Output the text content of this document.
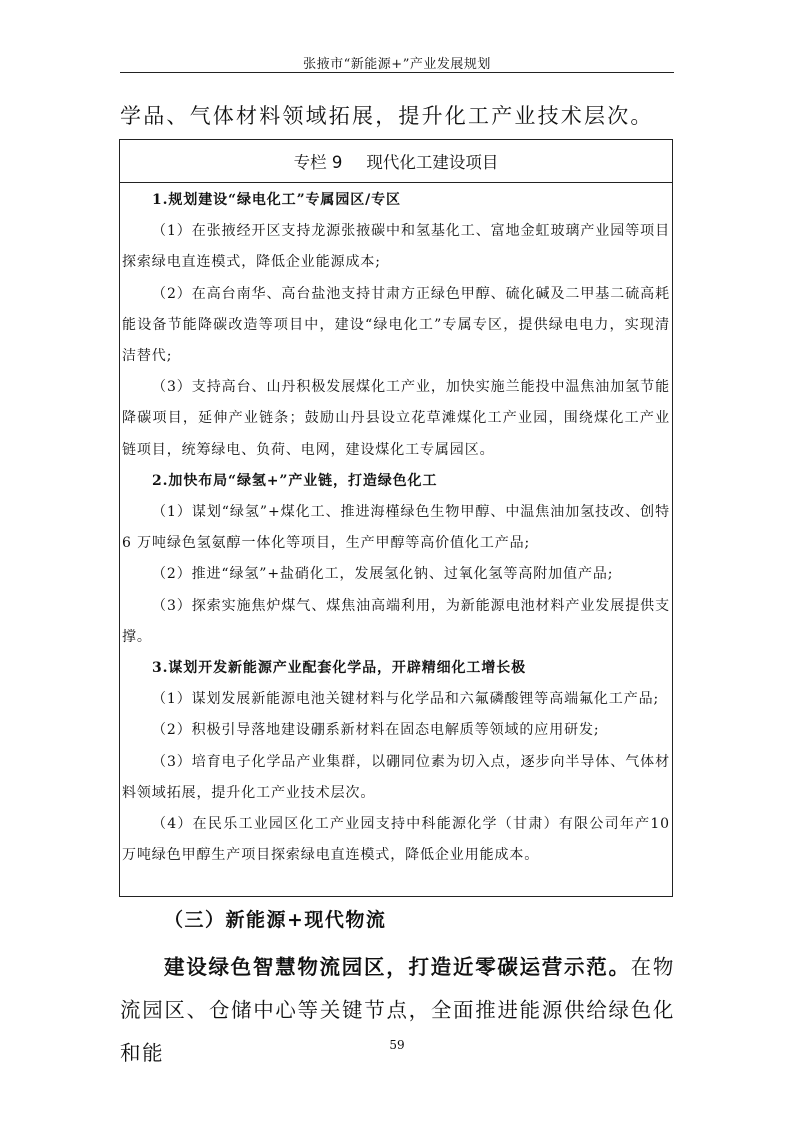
张掖市“新能源+”产业发展规划
学品、气体材料领域拓展，提升化工产业技术层次。
专栏 9 现代化工建设项目

1.规划建设“绿电化工”专属园区/专区

（1）在张掖经开区支持龙源张掖碳中和氢基化工、富地金虹玻璃产业园等项目探索绿电直连模式，降低企业能源成本;

（2）在高台南华、高台盐池支持甘肃方正绿色甲醇、硫化碱及二甲基二硫高耗能设备节能降碳改造等项目中，建设“绿电化工”专属专区，提供绿电电力，实现清洁替代;

（3）支持高台、山丹积极发展煤化工产业，加快实施兰能投中温焦油加氢节能降碳项目，延伸产业链条；鼓励山丹县设立花草滩煤化工产业园，围绕煤化工产业链项目，统筹绿电、负荷、电网，建设煤化工专属园区。

2.加快布局“绿氢+”产业链，打造绿色化工

（1）谋划“绿氢”+煤化工、推进海槿绿色生物甲醇、中温焦油加氢技改、创特 6 万吨绿色氢氨醇一体化等项目，生产甲醇等高价值化工产品;

（2）推进“绿氢”+盐硝化工，发展氢化钠、过氧化氢等高附加值产品;

（3）探索实施焦炉煤气、煤焦油高端利用，为新能源电池材料产业发展提供支撑。

3.谋划开发新能源产业配套化学品，开辟精细化工增长极

（1）谋划发展新能源电池关键材料与化学品和六氟磷酸锂等高端氟化工产品;

（2）积极引导落地建设硼系新材料在固态电解质等领域的应用研发;

（3）培育电子化学品产业集群，以硼同位素为切入点，逐步向半导体、气体材料领域拓展，提升化工产业技术层次。

（4）在民乐工业园区化工产业园支持中科能源化学（甘肃）有限公司年产10 万吨绿色甲醇生产项目探索绿电直连模式，降低企业用能成本。

（三）新能源+现代物流
建设绿色智慧物流园区，打造近零碳运营示范。在物流园区、仓储中心等关键节点，全面推进能源供给绿色化和能	59
